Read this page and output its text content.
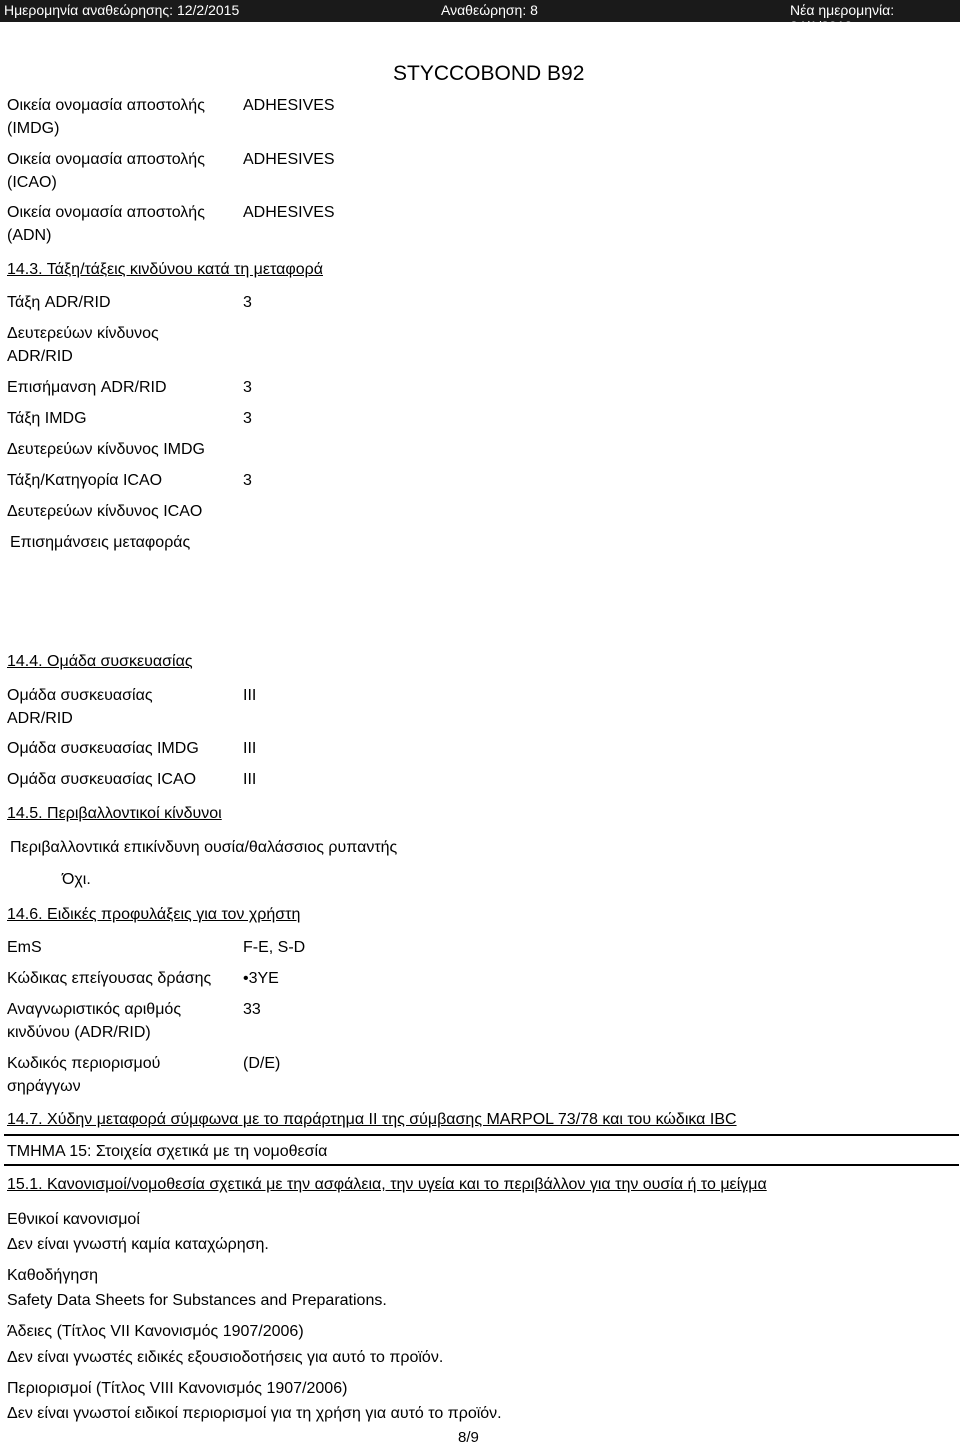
Ημερομηνία αναθεώρησης: 12/2/2015	Αναθεώρηση: 8	Νέα ημερομηνία: 24/1/2013
STYCCOBOND B92
Οικεία ονομασία αποστολής (IMDG)
ADHESIVES
Οικεία ονομασία αποστολής (ICAO)
ADHESIVES
Οικεία ονομασία αποστολής (ADN)
ADHESIVES
14.3. Τάξη/τάξεις κινδύνου κατά τη μεταφορά
Τάξη ADR/RID	3
Δευτερεύων κίνδυνος ADR/RID
Επισήμανση ADR/RID	3
Τάξη IMDG	3
Δευτερεύων κίνδυνος IMDG
Τάξη/Κατηγορία ICAO	3
Δευτερεύων κίνδυνος ICAO
Επισημάνσεις μεταφοράς
14.4. Ομάδα συσκευασίας
Ομάδα συσκευασίας ADR/RID
III
Ομάδα συσκευασίας IMDG	III
Ομάδα συσκευασίας ICAO	III
14.5. Περιβαλλοντικοί κίνδυνοι
Περιβαλλοντικά επικίνδυνη ουσία/θαλάσσιος ρυπαντής
Όχι.
14.6. Ειδικές προφυλάξεις για τον χρήστη
EmS	F-E, S-D
Κώδικας επείγουσας δράσης •3YE
Αναγνωριστικός αριθμός κινδύνου (ADR/RID)
33
Κωδικός περιορισμού σηράγγων
(D/E)
14.7. Χύδην μεταφορά σύμφωνα με το παράρτημα II της σύμβασης MARPOL 73/78 και του κώδικα IBC
ΤΜΗΜΑ 15: Στοιχεία σχετικά με τη νομοθεσία
15.1. Κανονισμοί/νομοθεσία σχετικά με την ασφάλεια, την υγεία και το περιβάλλον για την ουσία ή το μείγμα
Εθνικοί κανονισμοί
Δεν είναι γνωστή καμία καταχώρηση.
Καθοδήγηση
Safety Data Sheets for Substances and Preparations.
Άδειες (Τίτλος VII Κανονισμός 1907/2006)
Δεν είναι γνωστές ειδικές εξουσιοδοτήσεις για αυτό το προϊόν.
Περιορισμοί (Τίτλος VIII Κανονισμός 1907/2006)
Δεν είναι γνωστοί ειδικοί περιορισμοί για τη χρήση για αυτό το προϊόν.
8/9
